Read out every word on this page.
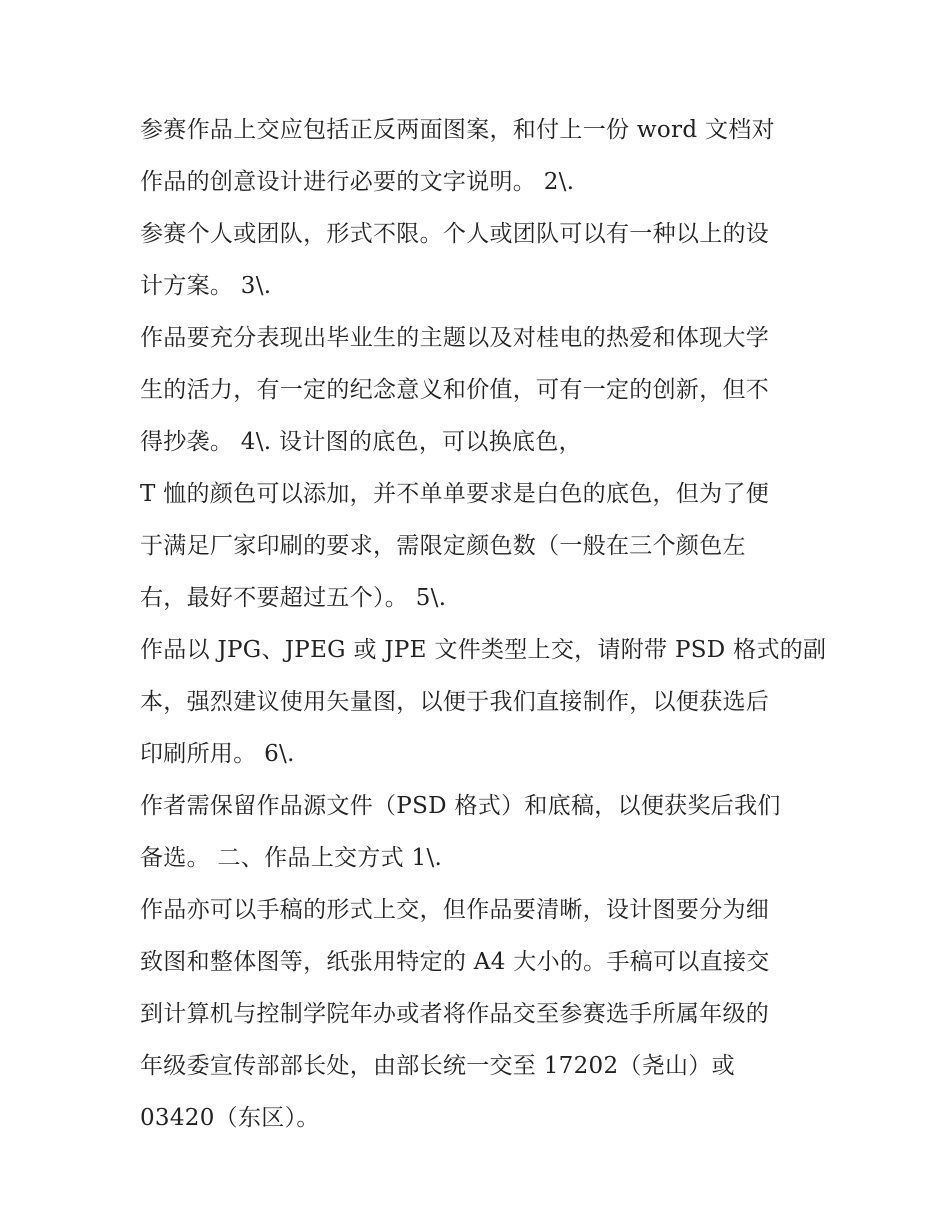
参赛作品上交应包括正反两面图案，和付上一份 word 文档对
作品的创意设计进行必要的文字说明。 2\.
参赛个人或团队，形式不限。个人或团队可以有一种以上的设
计方案。 3\.
作品要充分表现出毕业生的主题以及对桂电的热爱和体现大学
生的活力，有一定的纪念意义和价值，可有一定的创新，但不
得抄袭。 4\. 设计图的底色，可以换底色，
T 恤的颜色可以添加，并不单单要求是白色的底色，但为了便
于满足厂家印刷的要求，需限定颜色数（一般在三个颜色左
右，最好不要超过五个）。 5\.
作品以 JPG、JPEG 或 JPE 文件类型上交，请附带 PSD 格式的副
本，强烈建议使用矢量图，以便于我们直接制作，以便获选后
印刷所用。 6\.
作者需保留作品源文件（PSD 格式）和底稿，以便获奖后我们
备选。 二、作品上交方式 1\.
作品亦可以手稿的形式上交，但作品要清晰，设计图要分为细
致图和整体图等，纸张用特定的 A4 大小的。手稿可以直接交
到计算机与控制学院年办或者将作品交至参赛选手所属年级的
年级委宣传部部长处，由部长统一交至 17202（尧山）或
03420（东区）。
